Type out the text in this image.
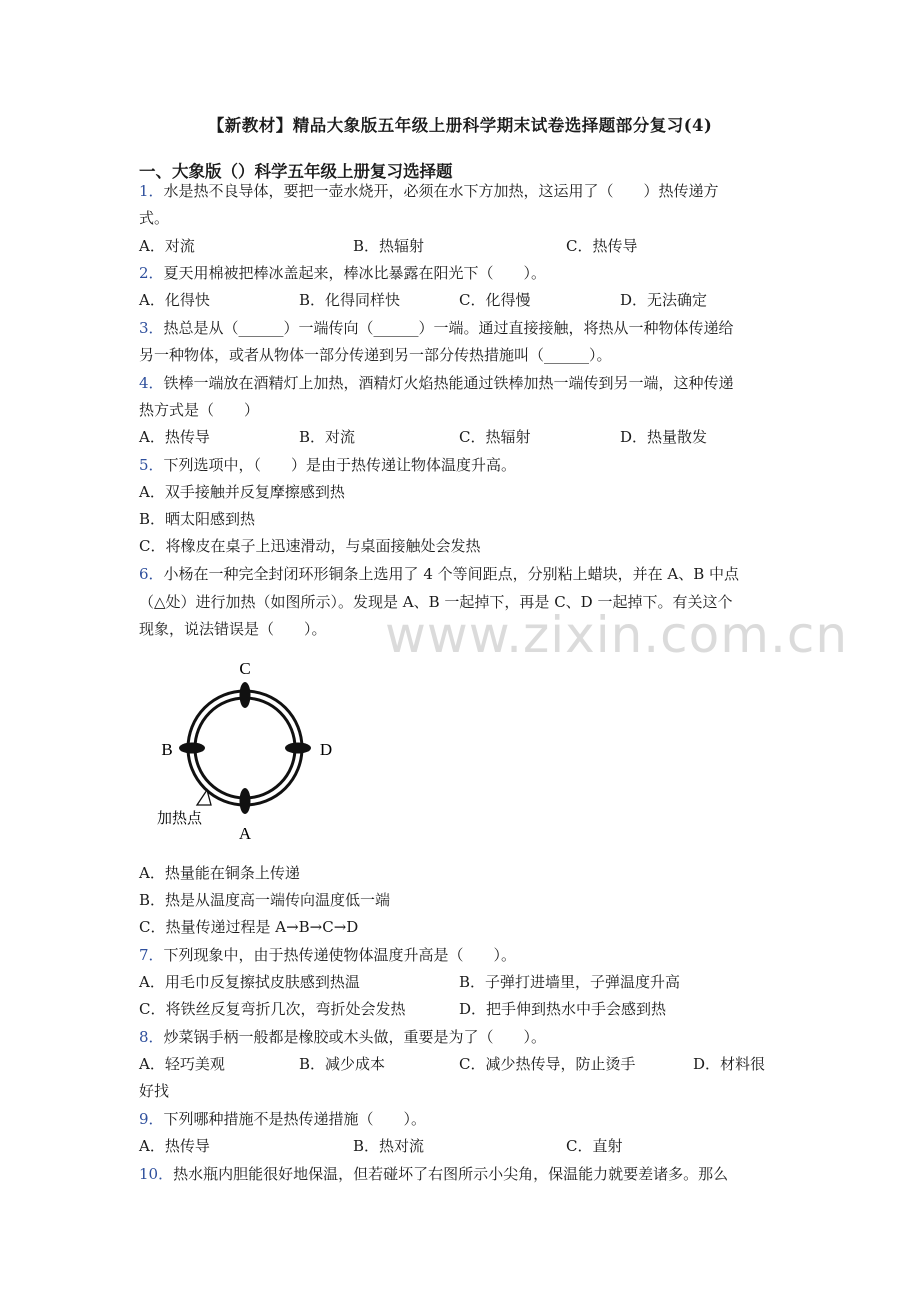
【新教材】精品大象版五年级上册科学期末试卷选择题部分复习(4)
一、大象版（）科学五年级上册复习选择题
1．水是热不良导体，要把一壶水烧开，必须在水下方加热，这运用了（　　）热传递方
式。
A．对流	B．热辐射	C．热传导
2．夏天用棉被把棒冰盖起来，棒冰比暴露在阳光下（　　）。
A．化得快	B．化得同样快	C．化得慢	D．无法确定
3．热总是从（______）一端传向（______）一端。通过直接接触，将热从一种物体传递给
另一种物体，或者从物体一部分传递到另一部分传热措施叫（______）。
4．铁棒一端放在酒精灯上加热，酒精灯火焰热能通过铁棒加热一端传到另一端，这种传递
热方式是（　　）
A．热传导	B．对流	C．热辐射	D．热量散发
5．下列选项中，（　　）是由于热传递让物体温度升高。
A．双手接触并反复摩擦感到热
B．晒太阳感到热
C．将橡皮在桌子上迅速滑动，与桌面接触处会发热
6．小杨在一种完全封闭环形铜条上选用了 4 个等间距点，分别粘上蜡块，并在 A、B 中点
（△处）进行加热（如图所示）。发现是 A、B 一起掉下，再是 C、D 一起掉下。有关这个
现象，说法错误是（　　）。 www.zixin.com.cn
C
B	D
A
加热点
A．热量能在铜条上传递
B．热是从温度高一端传向温度低一端
C．热量传递过程是 A→B→C→D
7．下列现象中，由于热传递使物体温度升高是（　　）。
A．用毛巾反复擦拭皮肤感到热温	B．子弹打进墙里，子弹温度升高
C．将铁丝反复弯折几次，弯折处会发热	D．把手伸到热水中手会感到热
8．炒菜锅手柄一般都是橡胶或木头做，重要是为了（　　）。
A．轻巧美观	B．减少成本	C．减少热传导，防止烫手	D．材料很
好找
9．下列哪种措施不是热传递措施（　　）。
A．热传导	B．热对流	C．直射
10．热水瓶内胆能很好地保温，但若碰坏了右图所示小尖角，保温能力就要差诸多。那么
